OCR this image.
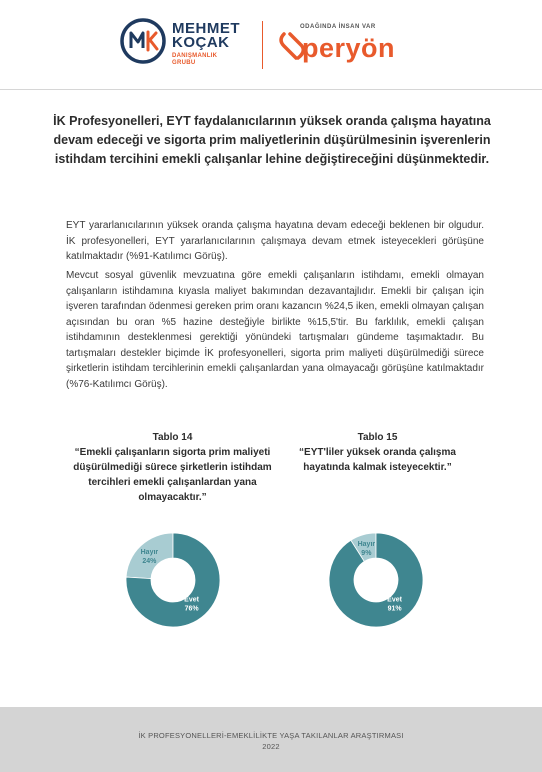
MEHMET
KOÇAK
DANIŞMANLIK
GRUBU
ODAĞINDA İNSAN VAR
peryön
İK Profesyonelleri, EYT faydalanıcılarının yüksek oranda çalışma hayatına devam edeceği ve sigorta prim maliyetlerinin düşürülmesinin işverenlerin istihdam tercihini emekli çalışanlar lehine değiştireceğini düşünmektedir.
EYT yararlanıcılarının yüksek oranda çalışma hayatına devam edeceği beklenen bir olgudur. İK profesyonelleri, EYT yararlanıcılarının çalışmaya devam etmek isteyecekleri görüşüne katılmaktadır (%91-Katılımcı Görüş).
Mevcut sosyal güvenlik mevzuatına göre emekli çalışanların istihdamı, emekli olmayan çalışanların istihdamına kıyasla maliyet bakımından dezavantajlıdır. Emekli bir çalışan için işveren tarafından ödenmesi gereken prim oranı kazancın %24,5 iken, emekli olmayan çalışan açısından bu oran %5 hazine desteğiyle birlikte %15,5'tir. Bu farklılık, emekli çalışan istihdamının desteklenmesi gerektiği yönündeki tartışmaları gündeme taşımaktadır. Bu tartışmaları destekler biçimde İK profesyonelleri, sigorta prim maliyeti düşürülmediği sürece şirketlerin istihdam tercihlerinin emekli çalışanlardan yana olmayacağı görüşüne katılmaktadır (%76-Katılımcı Görüş).
Tablo 14
“Emekli çalışanların sigorta prim maliyeti düşürülmediği sürece şirketlerin istihdam tercihleri emekli çalışanlardan yana olmayacaktır.”
Tablo 15
“EYT'liler yüksek oranda çalışma hayatında kalmak isteyecektir.”
Hayır
24%
Evet
76%
Hayır
9%
Evet
91%
İK PROFESYONELLERİ-EMEKLİLİKTE YAŞA TAKILANLAR ARAŞTIRMASI
2022
